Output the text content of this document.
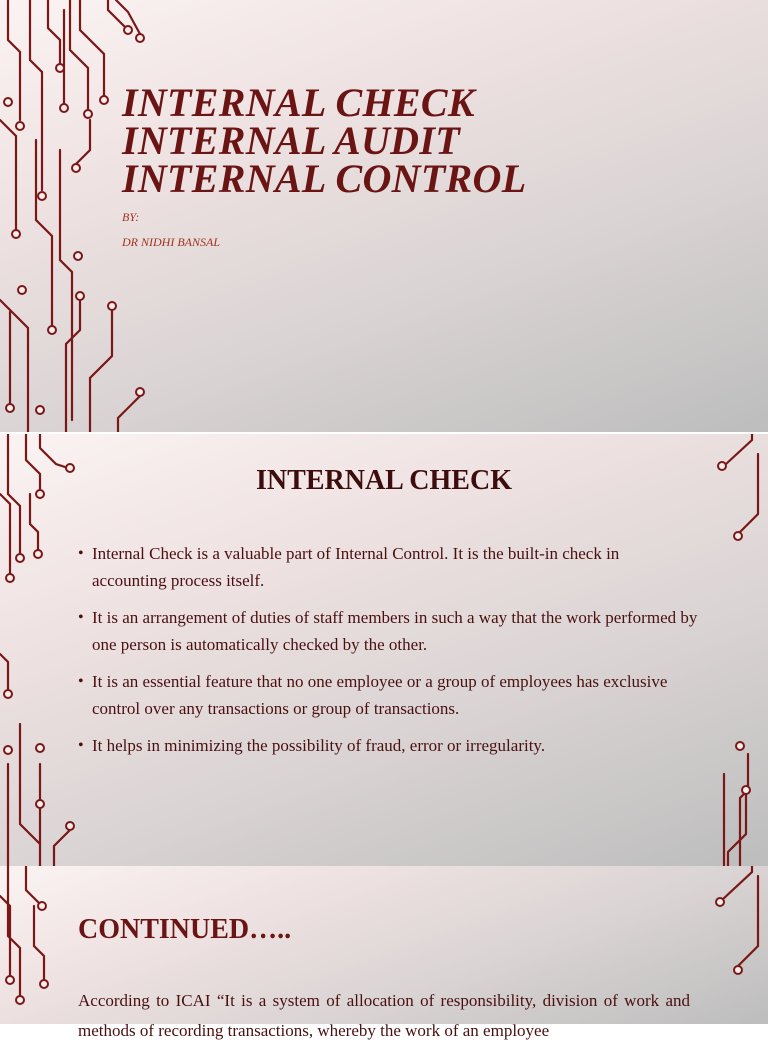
INTERNAL CHECK
INTERNAL AUDIT
INTERNAL CONTROL
BY:
DR NIDHI BANSAL
INTERNAL CHECK
• Internal Check is a valuable part of Internal Control. It is the built-in check in accounting process itself.
• It is an arrangement of duties of staff members in such a way that the work performed by one person is automatically checked by the other.
• It is an essential feature that no one employee or a group of employees has exclusive control over any transactions or group of transactions.
• It helps in minimizing the possibility of fraud, error or irregularity.
CONTINUED…..
According to ICAI “It is a system of allocation of responsibility, division of work and methods of recording transactions, whereby the work of an employee
